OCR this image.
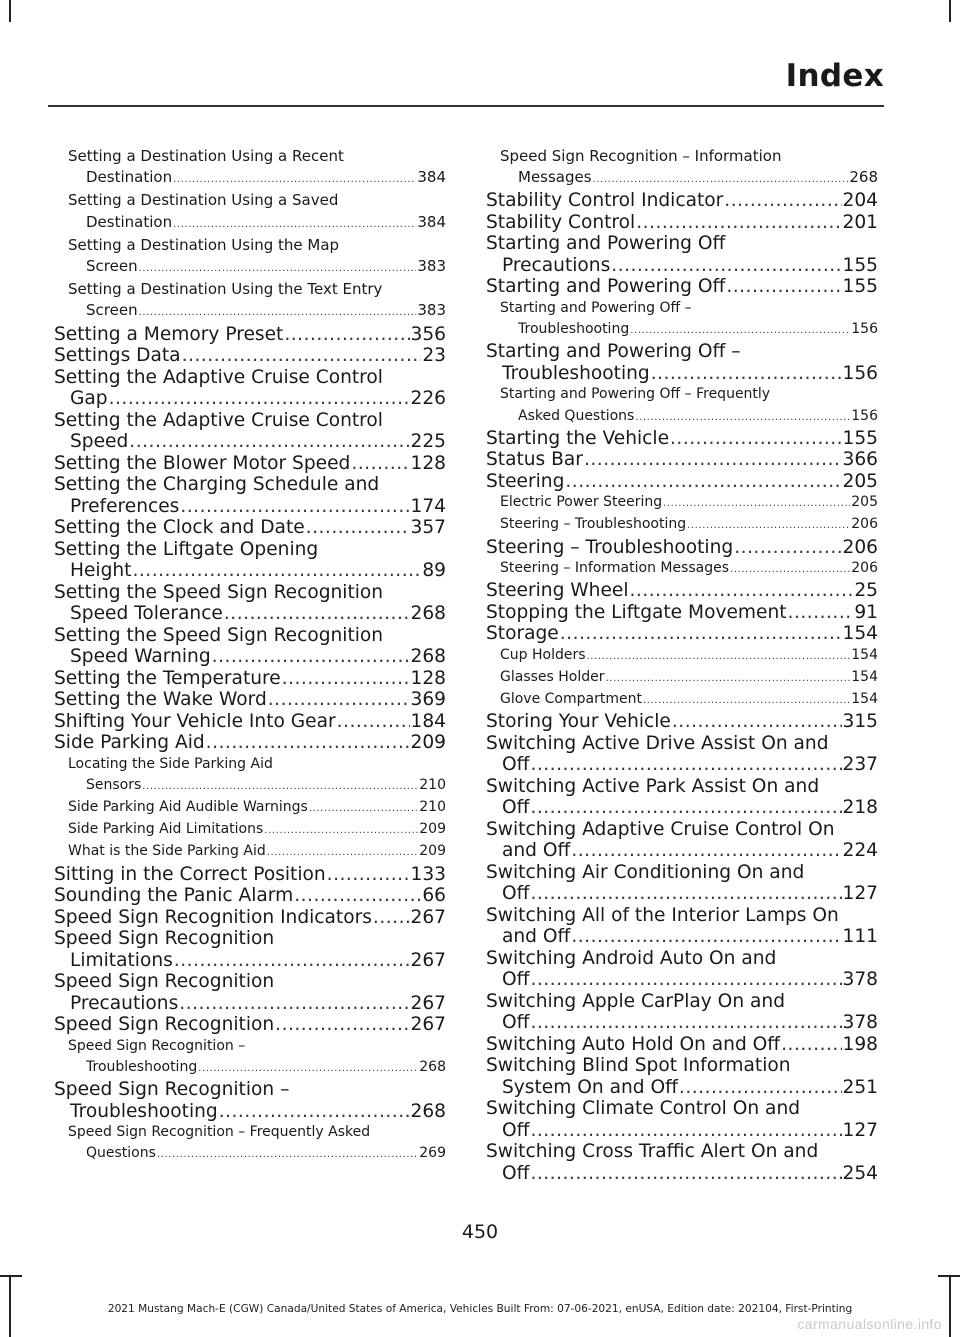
Index
Setting a Destination Using a Recent
Destination .....	384
Setting a Destination Using a Saved
Destination .....	384
Setting a Destination Using the Map
Screen .....	383
Setting a Destination Using the Text Entry
Screen .....	383
Setting a Memory Preset .....	356
Settings Data .....	23
Setting the Adaptive Cruise Control
Gap .....	226
Setting the Adaptive Cruise Control
Speed .....	225
Setting the Blower Motor Speed .....	128
Setting the Charging Schedule and
Preferences .....	174
Setting the Clock and Date .....	357
Setting the Liftgate Opening
Height .....	89
Setting the Speed Sign Recognition
Speed Tolerance .....	268
Setting the Speed Sign Recognition
Speed Warning .....	268
Setting the Temperature .....	128
Setting the Wake Word .....	369
Shifting Your Vehicle Into Gear .....	184
Side Parking Aid .....	209
Locating the Side Parking Aid
Sensors .....	210
Side Parking Aid Audible Warnings .....	210
Side Parking Aid Limitations .....	209
What is the Side Parking Aid .....	209
Sitting in the Correct Position .....	133
Sounding the Panic Alarm .....	66
Speed Sign Recognition Indicators ..... 267
Speed Sign Recognition
Limitations .....	267
Speed Sign Recognition
Precautions .....	267
Speed Sign Recognition .....	267
Speed Sign Recognition –
Troubleshooting .....	268
Speed Sign Recognition –
Troubleshooting .....	268
Speed Sign Recognition – Frequently Asked
Questions .....	269
Speed Sign Recognition – Information
Messages .....	268
Stability Control Indicator .....	204
Stability Control .....	201
Starting and Powering Off
Precautions .....	155
Starting and Powering Off .....	155
Starting and Powering Off –
Troubleshooting .....	156
Starting and Powering Off –
Troubleshooting .....	156
Starting and Powering Off – Frequently
Asked Questions .....	156
Starting the Vehicle .....	155
Status Bar .....	366
Steering .....	205
Electric Power Steering .....	205
Steering – Troubleshooting .....	206
Steering – Troubleshooting .....	206
Steering – Information Messages .....	206
Steering Wheel .....	25
Stopping the Liftgate Movement .....	91
Storage .....	154
Cup Holders .....	154
Glasses Holder .....	154
Glove Compartment .....	154
Storing Your Vehicle .....	315
Switching Active Drive Assist On and
Off .....	237
Switching Active Park Assist On and
Off .....	218
Switching Adaptive Cruise Control On
and Off .....	224
Switching Air Conditioning On and
Off .....	127
Switching All of the Interior Lamps On
and Off .....	111
Switching Android Auto On and
Off .....	378
Switching Apple CarPlay On and
Off .....	378
Switching Auto Hold On and Off .....	198
Switching Blind Spot Information
System On and Off .....	251
Switching Climate Control On and
Off .....	127
Switching Cross Traffic Alert On and
Off .....	254
450
2021 Mustang Mach-E (CGW) Canada/United States of America, Vehicles Built From: 07-06-2021, enUSA, Edition date: 202104, First-Printing
carmanualsonline.info
